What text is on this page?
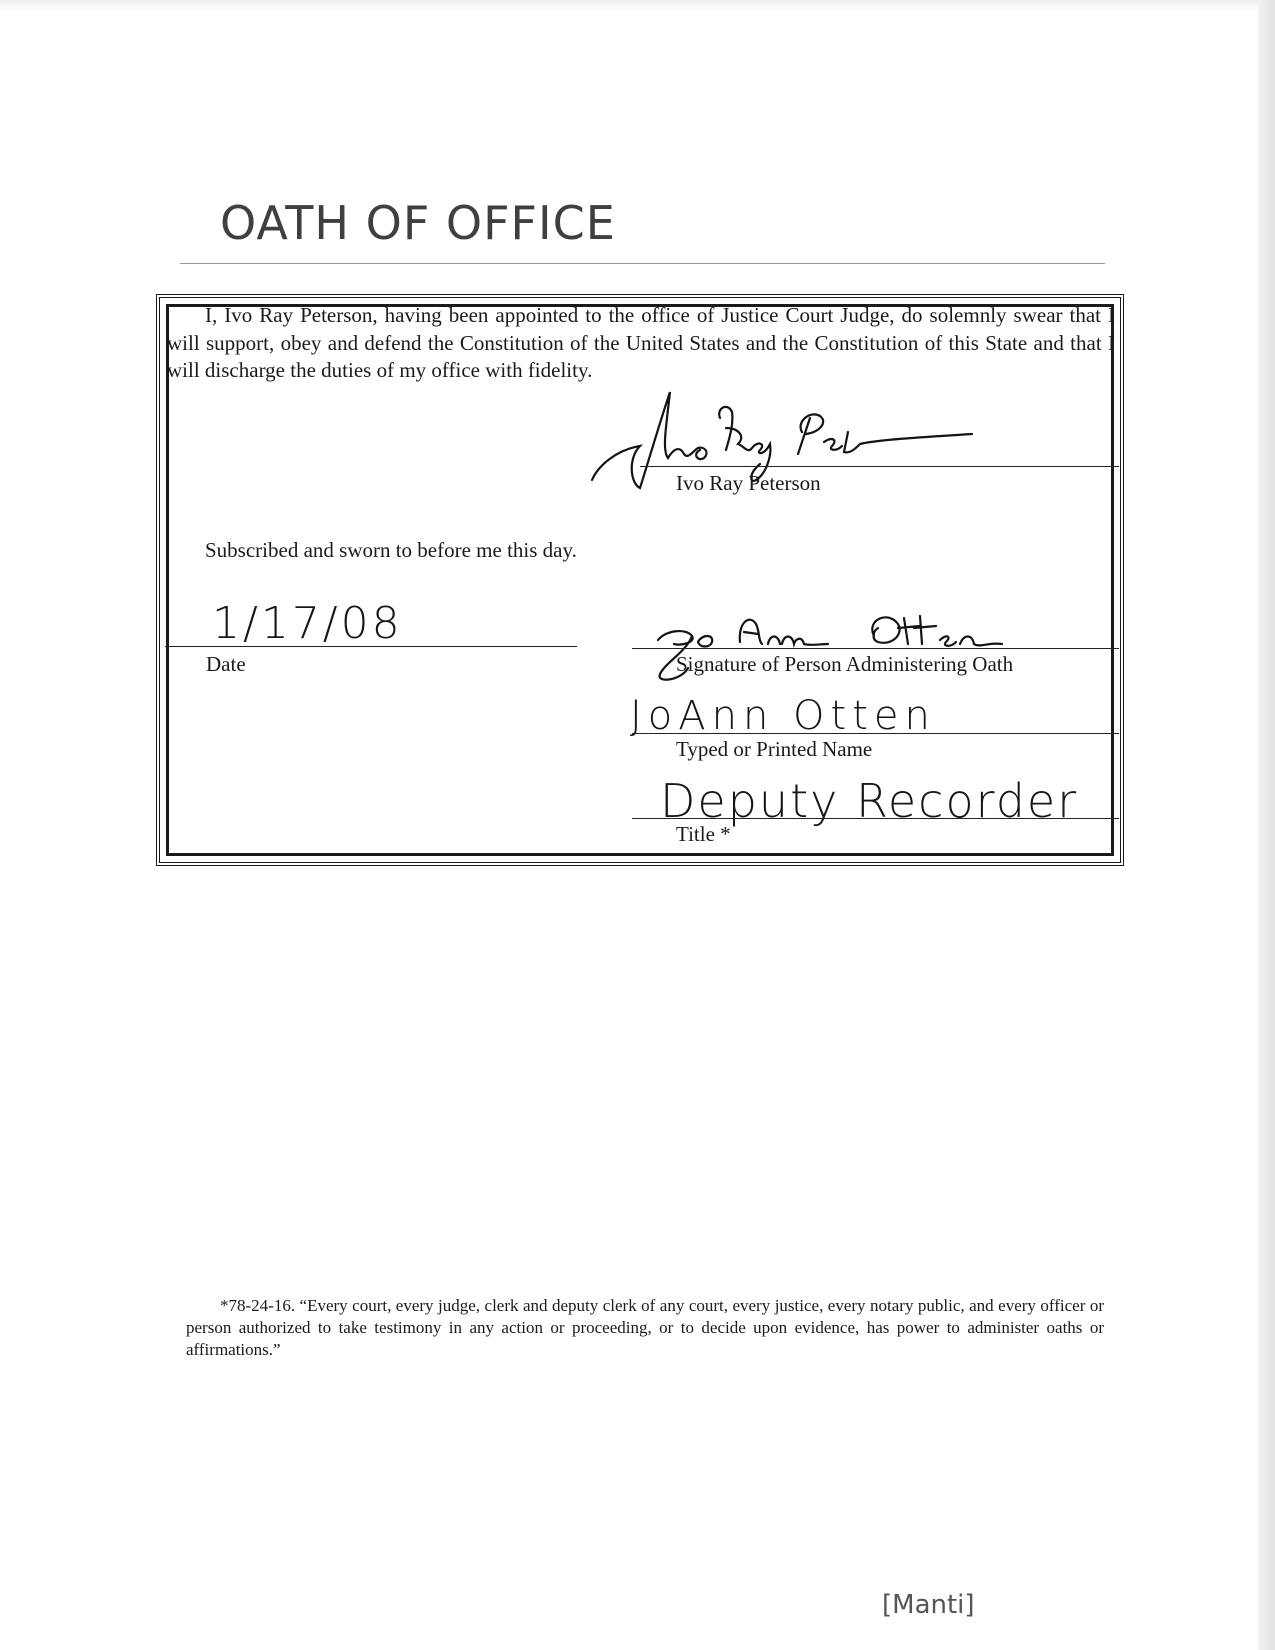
OATH OF OFFICE

I, Ivo Ray Peterson, having been appointed to the office of Justice Court Judge, do solemnly swear that I will support, obey and defend the Constitution of the United States and the Constitution of this State and that I will discharge the duties of my office with fidelity.

Ivo Ray Peterson
Subscribed and sworn to before me this day.
1/17/08
Date	Signature of Person Administering Oath
JoAnn Otten
Typed or Printed Name
Deputy Recorder
Title *

*78-24-16. “Every court, every judge, clerk and deputy clerk of any court, every justice, every notary public, and every officer or person authorized to take testimony in any action or proceeding, or to decide upon evidence, has power to administer oaths or affirmations.”

[Manti]
